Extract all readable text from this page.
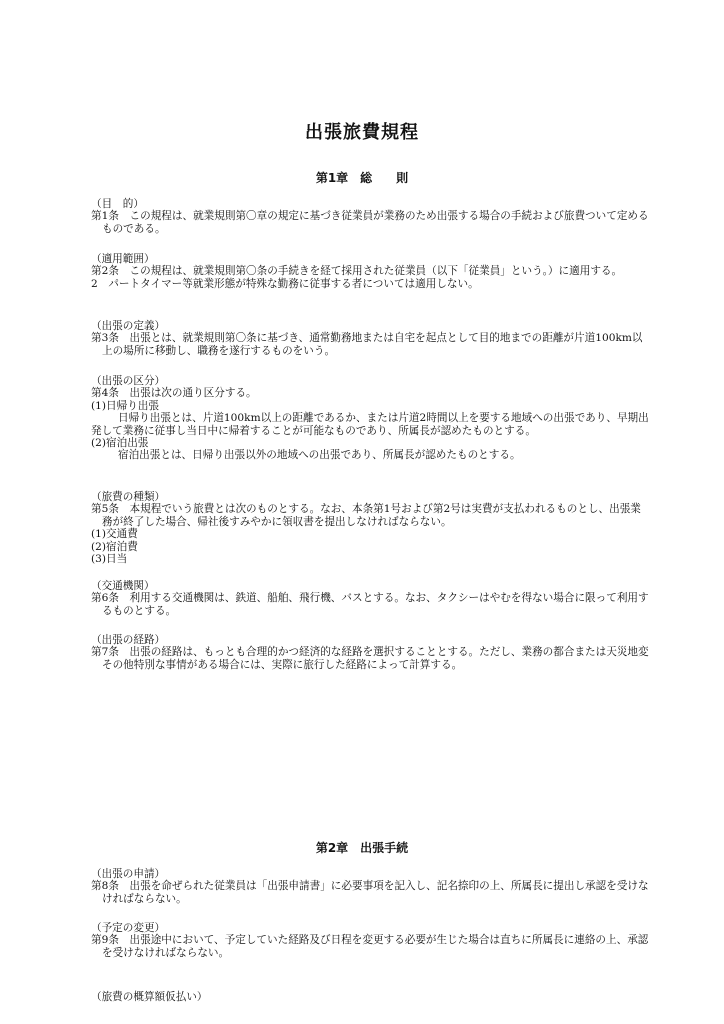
出張旅費規程
第1章　総　　則

（目　的）

第1条　この規程は、就業規則第〇章の規定に基づき従業員が業務のため出張する場合の手続および旅費ついて定めるものである。

（適用範囲）

第2条　この規程は、就業規則第〇条の手続きを経て採用された従業員（以下「従業員」という。）に適用する。

2　パートタイマー等就業形態が特殊な勤務に従事する者については適用しない。

（出張の定義）

第3条　出張とは、就業規則第〇条に基づき、通常勤務地または自宅を起点として目的地までの距離が片道100km以上の場所に移動し、職務を遂行するものをいう。

（出張の区分）

第4条　出張は次の通り区分する。

(1)日帰り出張

日帰り出張とは、片道100km以上の距離であるか、または片道2時間以上を要する地域への出張であり、早期出発して業務に従事し当日中に帰着することが可能なものであり、所属長が認めたものとする。

(2)宿泊出張

宿泊出張とは、日帰り出張以外の地域への出張であり、所属長が認めたものとする。

（旅費の種類）

第5条　本規程でいう旅費とは次のものとする。なお、本条第1号および第2号は実費が支払われるものとし、出張業務が終了した場合、帰社後すみやかに領収書を提出しなければならない。

(1)交通費

(2)宿泊費

(3)日当

（交通機関）

第6条　利用する交通機関は、鉄道、船舶、飛行機、バスとする。なお、タクシーはやむを得ない場合に限って利用するものとする。

（出張の経路）

第7条　出張の経路は、もっとも合理的かつ経済的な経路を選択することとする。ただし、業務の都合または天災地変その他特別な事情がある場合には、実際に旅行した経路によって計算する。

第2章　出張手続

（出張の申請）

第8条　出張を命ぜられた従業員は「出張申請書」に必要事項を記入し、記名捺印の上、所属長に提出し承認を受けなければならない。

（予定の変更）

第9条　出張途中において、予定していた経路及び日程を変更する必要が生じた場合は直ちに所属長に連絡の上、承認を受けなければならない。

（旅費の概算額仮払い）
